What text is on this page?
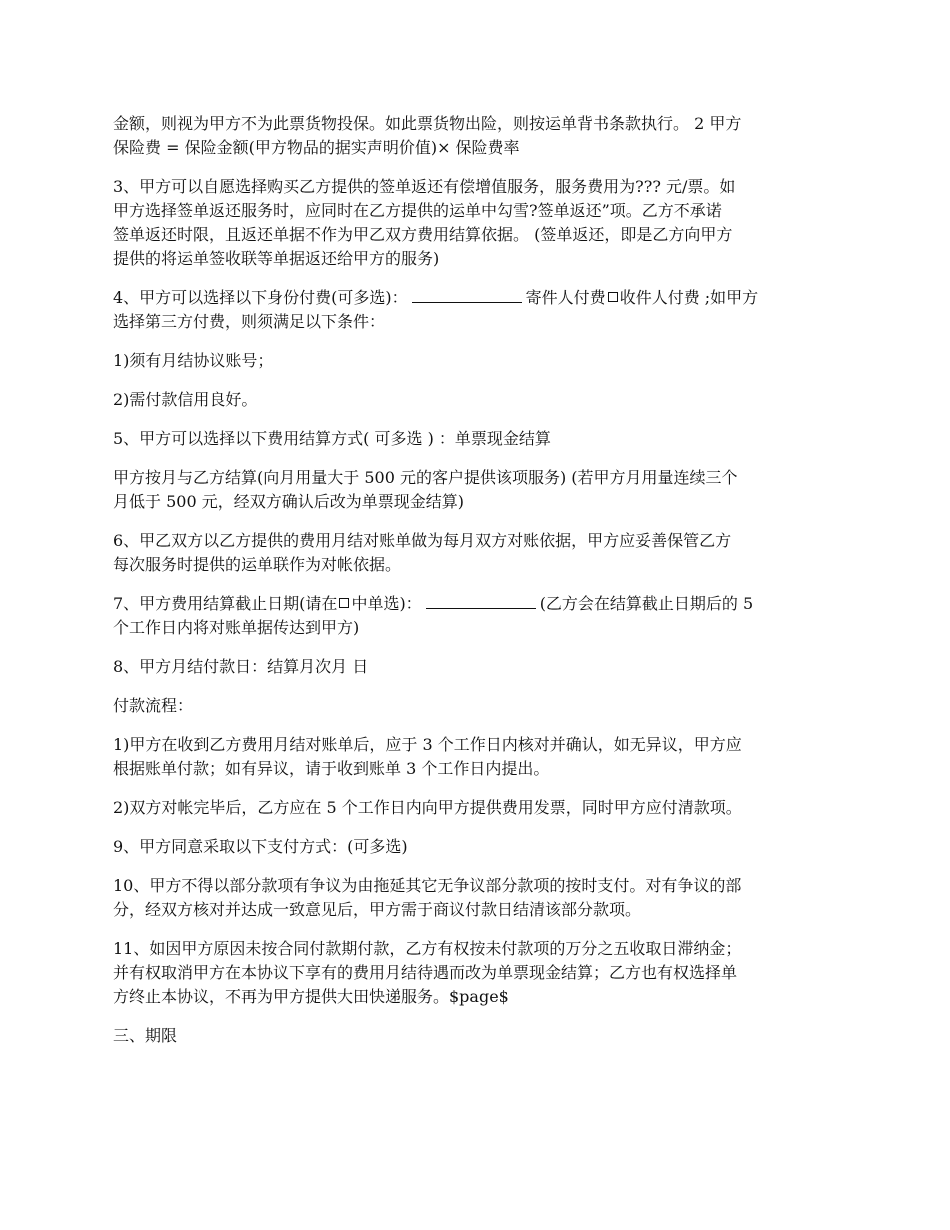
金额，则视为甲方不为此票货物投保。如此票货物出险，则按运单背书条款执行。 2 甲方
保险费 = 保险金额(甲方物品的据实声明价值)× 保险费率

3、甲方可以自愿选择购买乙方提供的签单返还有偿增值服务，服务费用为??? 元/票。如
甲方选择签单返还服务时，应同时在乙方提供的运单中勾雪?签单返还”项。乙方不承诺
签单返还时限，且返还单据不作为甲乙双方费用结算依据。 (签单返还，即是乙方向甲方
提供的将运单签收联等单据返还给甲方的服务)

4、甲方可以选择以下身份付费(可多选)：	寄件人付费 收件人付费 ;如甲方
选择第三方付费，则须满足以下条件：

1)须有月结协议账号；

2)需付款信用良好。

5、甲方可以选择以下费用结算方式( 可多选 ) ：单票现金结算

甲方按月与乙方结算(向月用量大于 500 元的客户提供该项服务) (若甲方月用量连续三个
月低于 500 元，经双方确认后改为单票现金结算)

6、甲乙双方以乙方提供的费用月结对账单做为每月双方对账依据，甲方应妥善保管乙方
每次服务时提供的运单联作为对帐依据。

7、甲方费用结算截止日期(请在 中单选)：	(乙方会在结算截止日期后的 5
个工作日内将对账单据传达到甲方)

8、甲方月结付款日：结算月次月 日

付款流程：

1)甲方在收到乙方费用月结对账单后，应于 3 个工作日内核对并确认，如无异议，甲方应
根据账单付款；如有异议，请于收到账单 3 个工作日内提出。

2)双方对帐完毕后，乙方应在 5 个工作日内向甲方提供费用发票，同时甲方应付清款项。

9、甲方同意采取以下支付方式：(可多选)

10、甲方不得以部分款项有争议为由拖延其它无争议部分款项的按时支付。对有争议的部
分，经双方核对并达成一致意见后，甲方需于商议付款日结清该部分款项。

11、如因甲方原因未按合同付款期付款，乙方有权按未付款项的万分之五收取日滞纳金；
并有权取消甲方在本协议下享有的费用月结待遇而改为单票现金结算；乙方也有权选择单
方终止本协议，不再为甲方提供大田快递服务。$page$

三、期限
